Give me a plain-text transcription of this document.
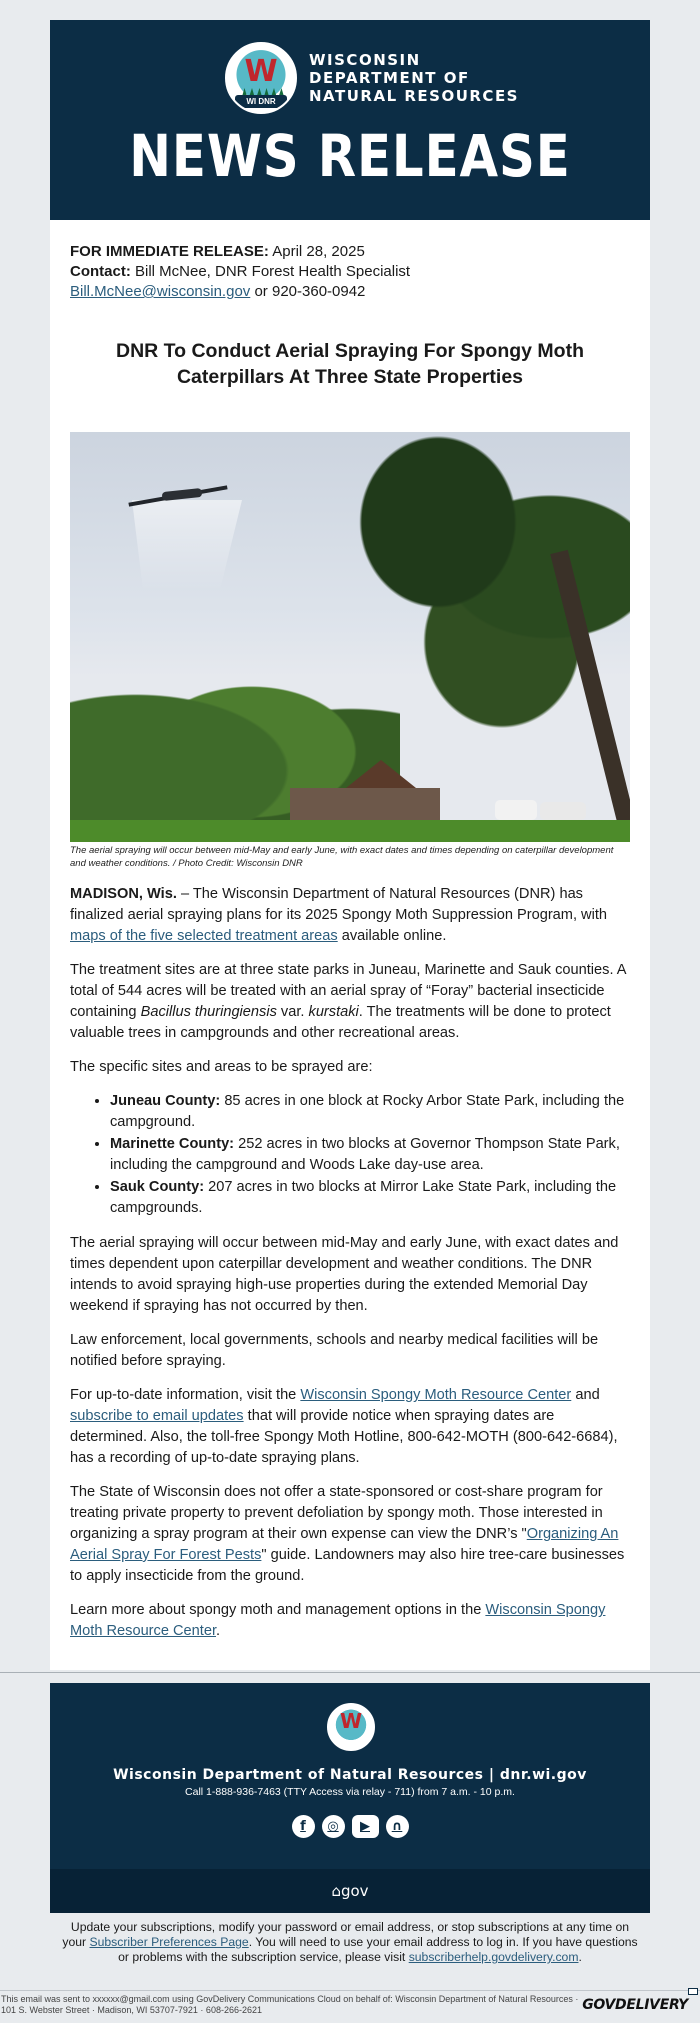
W
WI DNR
WISCONSIN
DEPARTMENT OF
NATURAL RESOURCES
NEWS RELEASE
FOR IMMEDIATE RELEASE: April 28, 2025
Contact: Bill McNee, DNR Forest Health Specialist
Bill.McNee@wisconsin.gov or 920-360-0942
DNR To Conduct Aerial Spraying For Spongy Moth Caterpillars At Three State Properties
The aerial spraying will occur between mid-May and early June, with exact dates and times depending on caterpillar development and weather conditions. / Photo Credit: Wisconsin DNR

MADISON, Wis. – The Wisconsin Department of Natural Resources (DNR) has finalized aerial spraying plans for its 2025 Spongy Moth Suppression Program, with maps of the five selected treatment areas available online.

The treatment sites are at three state parks in Juneau, Marinette and Sauk counties. A total of 544 acres will be treated with an aerial spray of “Foray” bacterial insecticide containing Bacillus thuringiensis var. kurstaki. The treatments will be done to protect valuable trees in campgrounds and other recreational areas.

The specific sites and areas to be sprayed are:

• Juneau County: 85 acres in one block at Rocky Arbor State Park, including the campground.
• Marinette County: 252 acres in two blocks at Governor Thompson State Park, including the campground and Woods Lake day-use area.
• Sauk County: 207 acres in two blocks at Mirror Lake State Park, including the campgrounds.

The aerial spraying will occur between mid-May and early June, with exact dates and times dependent upon caterpillar development and weather conditions. The DNR intends to avoid spraying high-use properties during the extended Memorial Day weekend if spraying has not occurred by then.

Law enforcement, local governments, schools and nearby medical facilities will be notified before spraying.

For up-to-date information, visit the Wisconsin Spongy Moth Resource Center and subscribe to email updates that will provide notice when spraying dates are determined. Also, the toll-free Spongy Moth Hotline, 800-642-MOTH (800-642-6684), has a recording of up-to-date spraying plans.

The State of Wisconsin does not offer a state-sponsored or cost-share program for treating private property to prevent defoliation by spongy moth. Those interested in organizing a spray program at their own expense can view the DNR’s "Organizing An Aerial Spray For Forest Pests" guide. Landowners may also hire tree-care businesses to apply insecticide from the ground.

Learn more about spongy moth and management options in the Wisconsin Spongy Moth Resource Center.

W
Wisconsin Department of Natural Resources | dnr.wi.gov
Call 1-888-936-7463 (TTY Access via relay - 711) from 7 a.m. - 10 p.m.
f	◎	▶	∩
⌂gov
Update your subscriptions, modify your password or email address, or stop subscriptions at any time on your Subscriber Preferences Page. You will need to use your email address to log in. If you have questions or problems with the subscription service, please visit subscriberhelp.govdelivery.com.
This email was sent to xxxxxx@gmail.com using GovDelivery Communications Cloud on behalf of: Wisconsin Department of Natural Resources · 101 S. Webster Street · Madison, WI 53707-7921 · 608-266-2621	GOVDELIVERY
